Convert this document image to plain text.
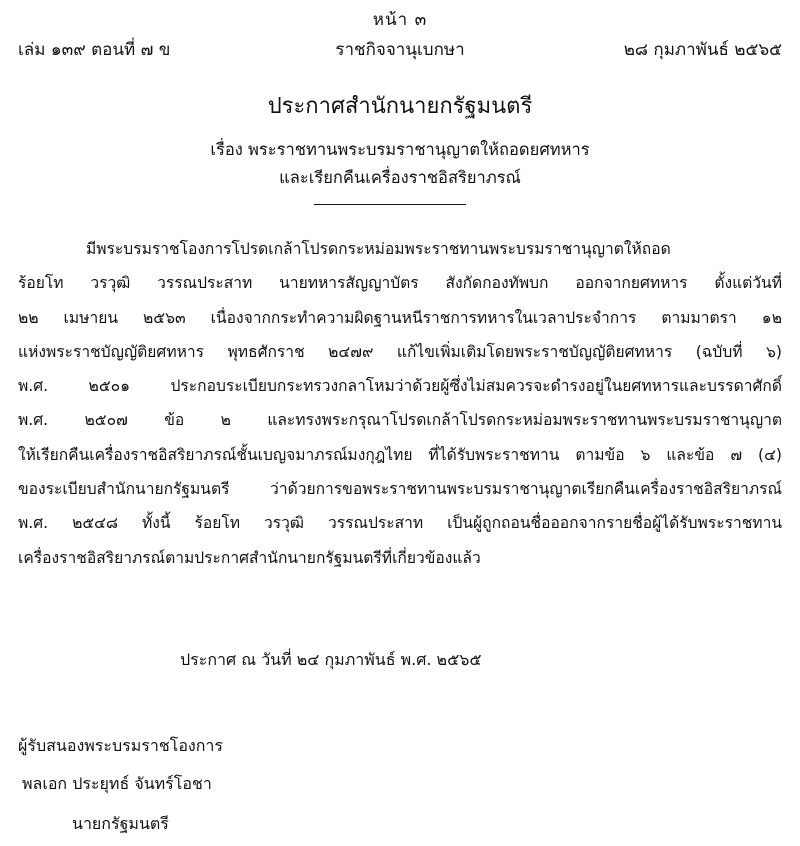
หน้า ๓
เล่ม ๑๓๙ ตอนที่ ๗ ข	ราชกิจจานุเบกษา	๒๘ กุมภาพันธ์ ๒๕๖๕
ประกาศสำนักนายกรัฐมนตรี
เรื่อง พระราชทานพระบรมราชานุญาตให้ถอดยศทหาร
และเรียกคืนเครื่องราชอิสริยาภรณ์
มีพระบรมราชโองการโปรดเกล้าโปรดกระหม่อมพระราชทานพระบรมราชานุญาตให้ถอด
ร้อยโท วรวุฒิ วรรณประสาท นายทหารสัญญาบัตร สังกัดกองทัพบก ออกจากยศทหาร ตั้งแต่วันที่
๒๒ เมษายน ๒๕๖๓ เนื่องจากกระทำความผิดฐานหนีราชการทหารในเวลาประจำการ ตามมาตรา ๑๒
แห่งพระราชบัญญัติยศทหาร พุทธศักราช ๒๔๗๙ แก้ไขเพิ่มเติมโดยพระราชบัญญัติยศทหาร (ฉบับที่ ๖)
พ.ศ. ๒๕๐๑ ประกอบระเบียบกระทรวงกลาโหมว่าด้วยผู้ซึ่งไม่สมควรจะดำรงอยู่ในยศทหารและบรรดาศักดิ์
พ.ศ. ๒๕๐๗ ข้อ ๒ และทรงพระกรุณาโปรดเกล้าโปรดกระหม่อมพระราชทานพระบรมราชานุญาต
ให้เรียกคืนเครื่องราชอิสริยาภรณ์ชั้นเบญจมาภรณ์มงกุฎไทย ที่ได้รับพระราชทาน ตามข้อ ๖ และข้อ ๗ (๔)
ของระเบียบสำนักนายกรัฐมนตรี ว่าด้วยการขอพระราชทานพระบรมราชานุญาตเรียกคืนเครื่องราชอิสริยาภรณ์
พ.ศ. ๒๕๔๘ ทั้งนี้ ร้อยโท วรวุฒิ วรรณประสาท เป็นผู้ถูกถอนชื่อออกจากรายชื่อผู้ได้รับพระราชทาน
เครื่องราชอิสริยาภรณ์ตามประกาศสำนักนายกรัฐมนตรีที่เกี่ยวข้องแล้ว
ประกาศ ณ วันที่ ๒๔ กุมภาพันธ์ พ.ศ. ๒๕๖๕
ผู้รับสนองพระบรมราชโองการ
พลเอก ประยุทธ์ จันทร์โอชา
นายกรัฐมนตรี
